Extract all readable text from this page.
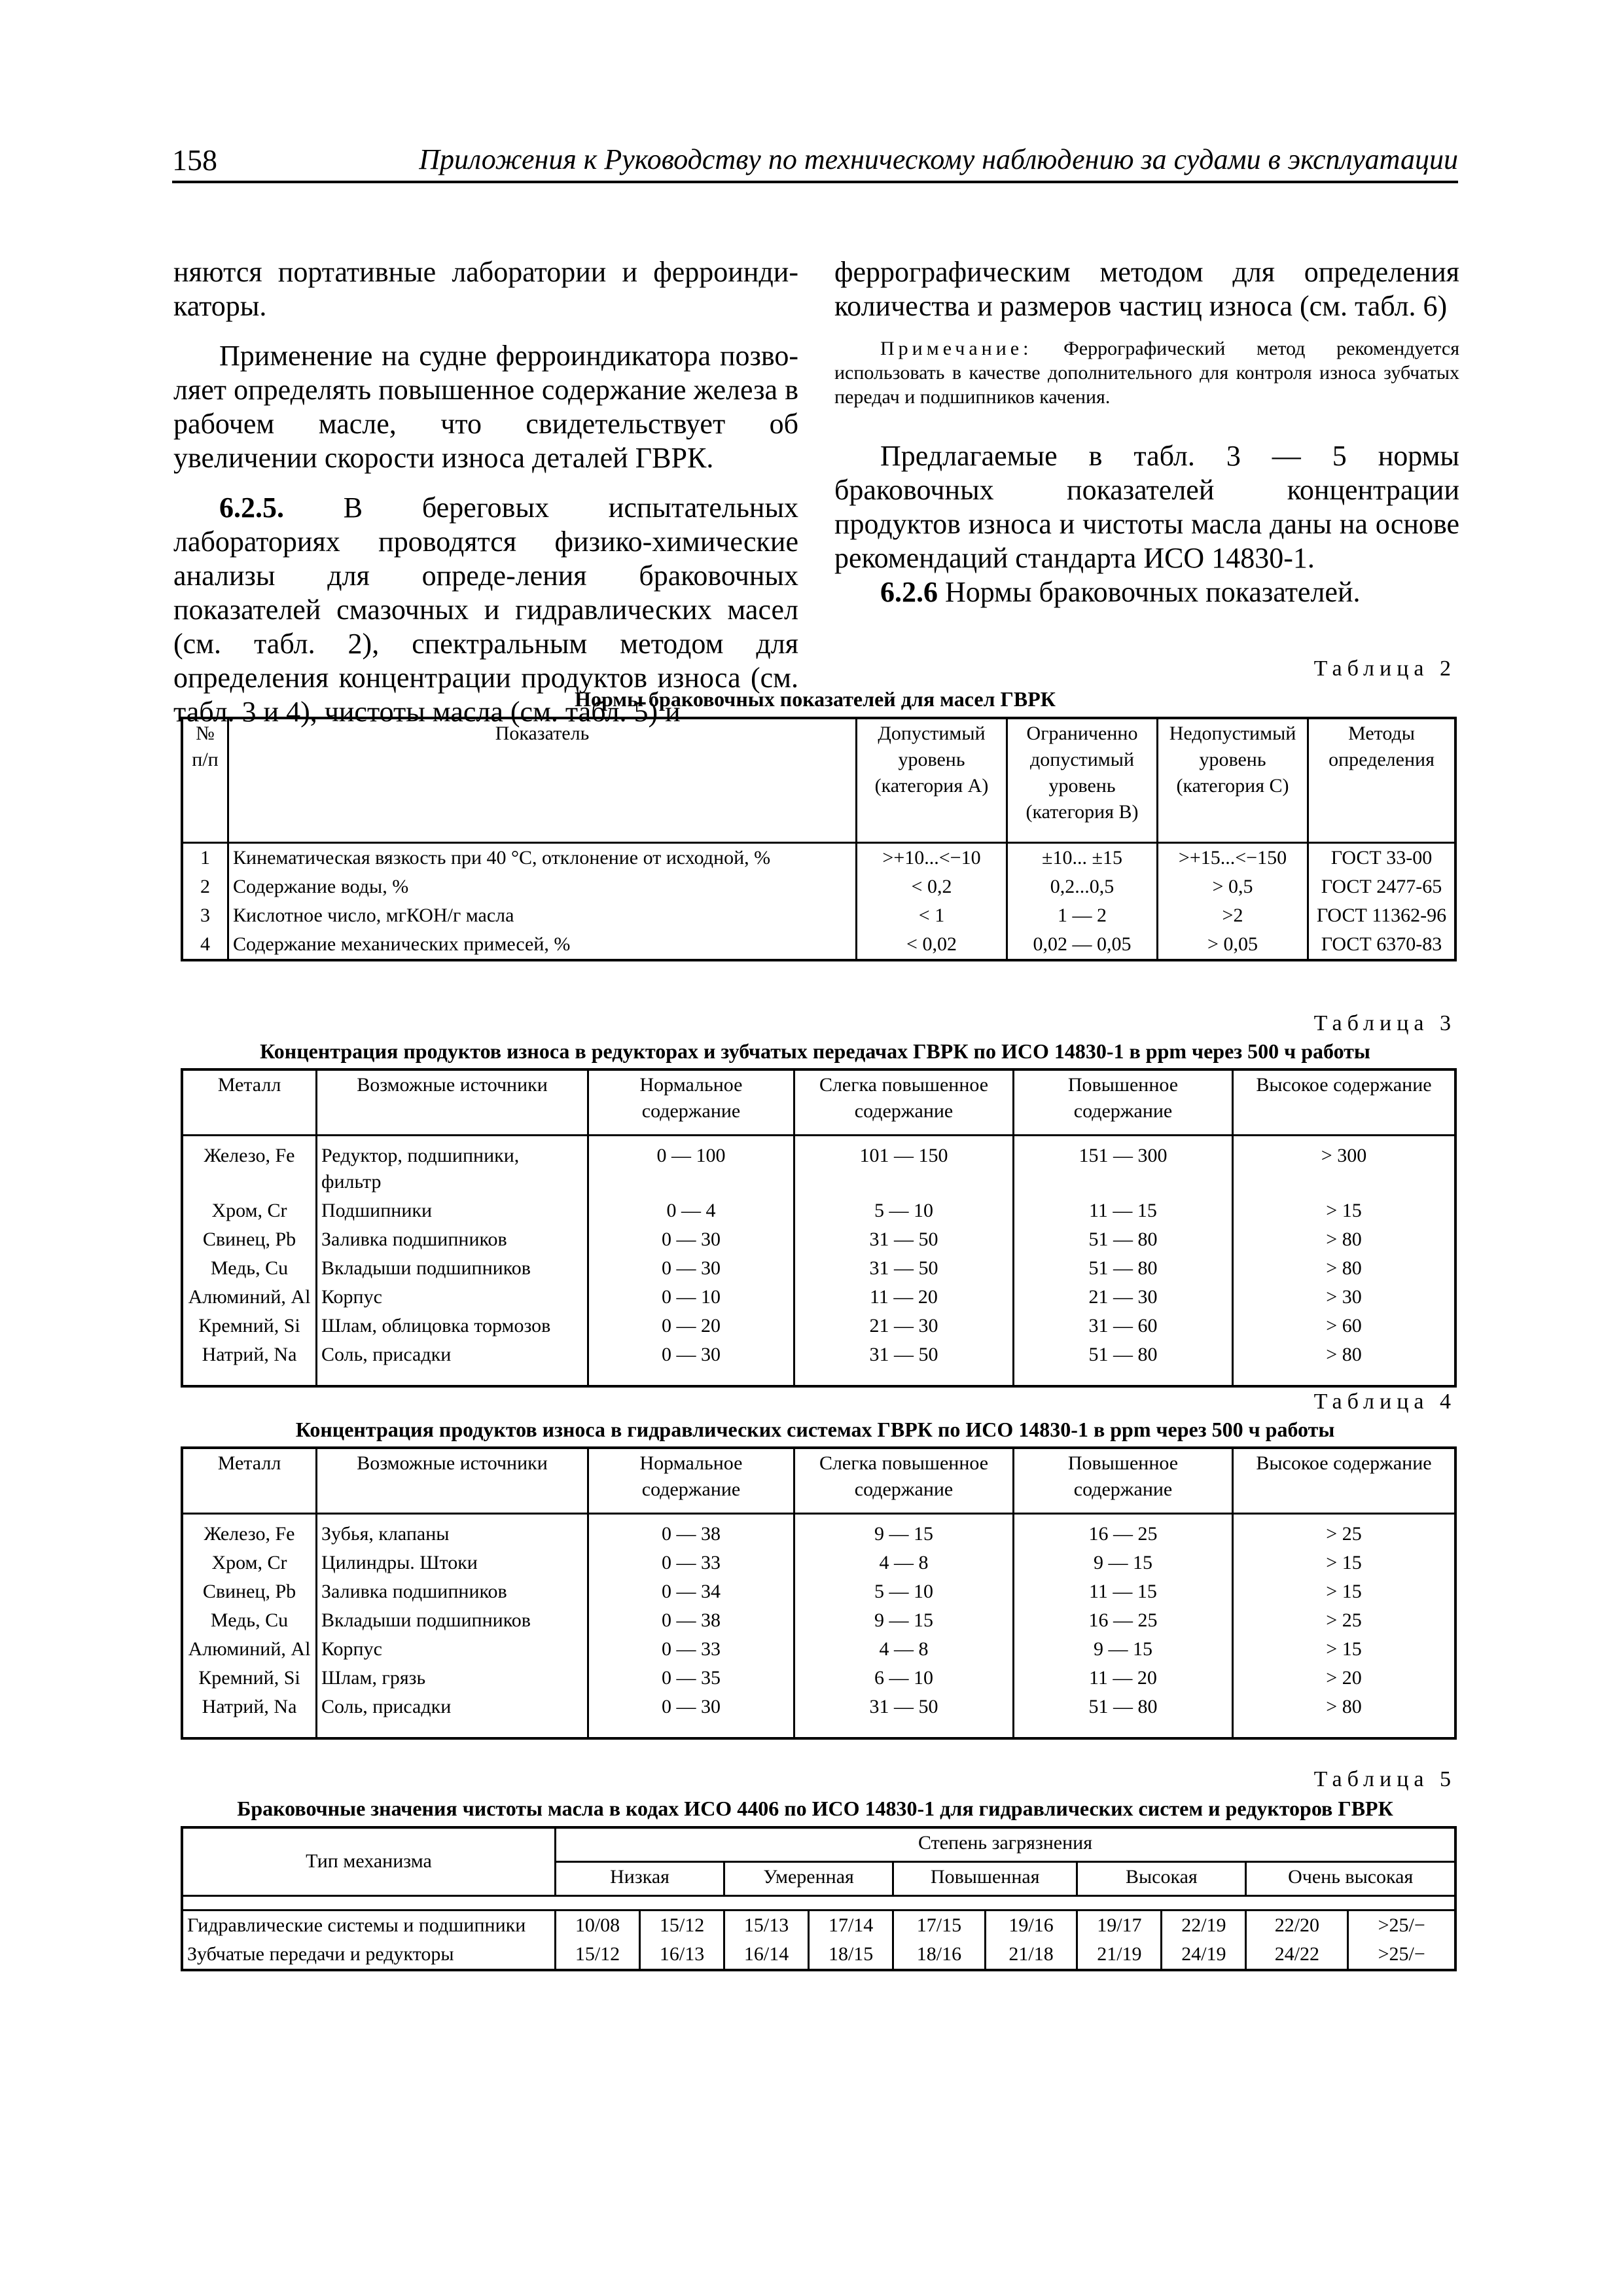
158	Приложения к Руководству по техническому наблюдению за судами в эксплуатации

няются портативные лаборатории и ферроинди-каторы.

Применение на судне ферроиндикатора позво-ляет определять повышенное содержание железа в рабочем масле, что свидетельствует об увеличении скорости износа деталей ГВРК.

6.2.5. В береговых испытательных лабораториях проводятся физико-химические анализы для опреде-ления браковочных показателей смазочных и гидравлических масел (см. табл. 2), спектральным методом для определения концентрации продуктов износа (см. табл. 3 и 4), чистоты масла (см. табл. 5) и

феррографическим методом для определения количества и размеров частиц износа (см. табл. 6)

Примечание: Феррографический метод рекомендуется использовать в качестве дополнительного для контроля износа зубчатых передач и подшипников качения.

Предлагаемые в табл. 3 — 5 нормы браковочных показателей концентрации продуктов износа и чистоты масла даны на основе рекомендаций стандарта ИСО 14830-1.

6.2.6 Нормы браковочных показателей.

Таблица 2
Нормы браковочных показателей для масел ГВРК
№ п/п	Показатель	Допустимый уровень (категория А)	Ограниченно допустимый уровень (категория В)	Недопустимый уровень (категория С)	Методы определения
1	Кинематическая вязкость при 40 °С, отклонение от исходной, %	>+10...<−10	±10... ±15	>+15...<−150	ГОСТ 33-00
2	Содержание воды, %	< 0,2	0,2...0,5	> 0,5	ГОСТ 2477-65
3	Кислотное число, мгКОН/г масла	< 1	1 — 2	>2	ГОСТ 11362-96
4	Содержание механических примесей, %	< 0,02	0,02 — 0,05	> 0,05	ГОСТ 6370-83
Таблица 3
Концентрация продуктов износа в редукторах и зубчатых передачах ГВРК по ИСО 14830-1 в ppm через 500 ч работы
Металл	Возможные источники	Нормальное содержание	Слегка повышенное содержание	Повышенное содержание	Высокое содержание
Железо, Fe	Редуктор, подшипники, фильтр	0 — 100	101 — 150	151 — 300	> 300
Хром, Cr	Подшипники	0 — 4	5 — 10	11 — 15	> 15
Свинец, Pb	Заливка подшипников	0 — 30	31 — 50	51 — 80	> 80
Медь, Cu	Вкладыши подшипников	0 — 30	31 — 50	51 — 80	> 80
Алюминий, Al	Корпус	0 — 10	11 — 20	21 — 30	> 30
Кремний, Si	Шлам, облицовка тормозов	0 — 20	21 — 30	31 — 60	> 60
Натрий, Na	Соль, присадки	0 — 30	31 — 50	51 — 80	> 80
Таблица 4
Концентрация продуктов износа в гидравлических системах ГВРК по ИСО 14830-1 в ppm через 500 ч работы
Металл	Возможные источники	Нормальное содержание	Слегка повышенное содержание	Повышенное содержание	Высокое содержание
Железо, Fe	Зубья, клапаны	0 — 38	9 — 15	16 — 25	> 25
Хром, Cr	Цилиндры. Штоки	0 — 33	4 — 8	9 — 15	> 15
Свинец, Pb	Заливка подшипников	0 — 34	5 — 10	11 — 15	> 15
Медь, Cu	Вкладыши подшипников	0 — 38	9 — 15	16 — 25	> 25
Алюминий, Al	Корпус	0 — 33	4 — 8	9 — 15	> 15
Кремний, Si	Шлам, грязь	0 — 35	6 — 10	11 — 20	> 20
Натрий, Na	Соль, присадки	0 — 30	31 — 50	51 — 80	> 80
Таблица 5
Браковочные значения чистоты масла в кодах ИСО 4406 по ИСО 14830-1 для гидравлических систем и редукторов ГВРК
Тип механизма	Степень загрязнения									
	Низкая		Умеренная		Повышенная		Высокая		Очень высокая	

Гидравлические системы и подшипники	10/08	15/12	15/13	17/14	17/15	19/16	19/17	22/19	22/20	>25/−
Зубчатые передачи и редукторы	15/12	16/13	16/14	18/15	18/16	21/18	21/19	24/19	24/22	>25/−
